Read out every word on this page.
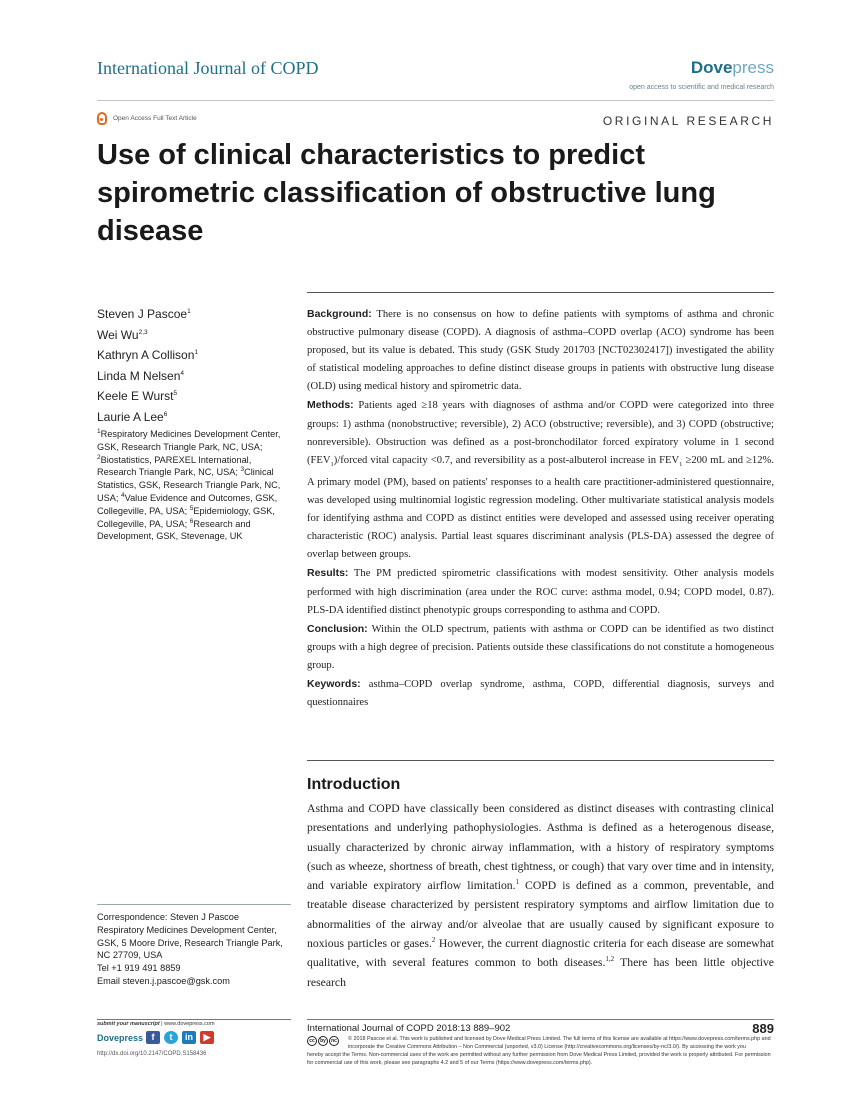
International Journal of COPD	Dovepress
open access to scientific and medical research
Open Access Full Text Article	ORIGINAL RESEARCH
Use of clinical characteristics to predict spirometric classification of obstructive lung disease
Steven J Pascoe$^1$
Wei Wu$^{2,3}$
Kathryn A Collison$^1$
Linda M Nelsen$^4$
Keele E Wurst$^5$
Laurie A Lee$^6$
$^1$Respiratory Medicines Development Center, GSK, Research Triangle Park, NC, USA; $^2$Biostatistics, PAREXEL International, Research Triangle Park, NC, USA; $^3$Clinical Statistics, GSK, Research Triangle Park, NC, USA; $^4$Value Evidence and Outcomes, GSK, Collegeville, PA, USA; $^5$Epidemiology, GSK, Collegeville, PA, USA; $^6$Research and Development, GSK, Stevenage, UK

Background: There is no consensus on how to define patients with symptoms of asthma and chronic obstructive pulmonary disease (COPD). A diagnosis of asthma–COPD overlap (ACO) syndrome has been proposed, but its value is debated. This study (GSK Study 201703 [NCT02302417]) investigated the ability of statistical modeling approaches to define distinct disease groups in patients with obstructive lung disease (OLD) using medical history and spirometric data.

Methods: Patients aged ≥18 years with diagnoses of asthma and/or COPD were categorized into three groups: 1) asthma (nonobstructive; reversible), 2) ACO (obstructive; reversible), and 3) COPD (obstructive; nonreversible). Obstruction was defined as a post-bronchodilator forced expiratory volume in 1 second $(FEV_1)$/forced vital capacity <0.7, and reversibility as a post-albuterol increase in $FEV_1 \ge 200$ mL and ≥12%. A primary model (PM), based on patients' responses to a health care practitioner-administered questionnaire, was developed using multinomial logistic regression modeling. Other multivariate statistical analysis models for identifying asthma and COPD as distinct entities were developed and assessed using receiver operating characteristic (ROC) analysis. Partial least squares discriminant analysis (PLS-DA) assessed the degree of overlap between groups.

Results: The PM predicted spirometric classifications with modest sensitivity. Other analysis models performed with high discrimination (area under the ROC curve: asthma model, 0.94; COPD model, 0.87). PLS-DA identified distinct phenotypic groups corresponding to asthma and COPD.

Conclusion: Within the OLD spectrum, patients with asthma or COPD can be identified as two distinct groups with a high degree of precision. Patients outside these classifications do not constitute a homogeneous group.

Keywords: asthma–COPD overlap syndrome, asthma, COPD, differential diagnosis, surveys and questionnaires

Introduction
Asthma and COPD have classically been considered as distinct diseases with contrasting clinical presentations and underlying pathophysiologies. Asthma is defined as a heterogenous disease, usually characterized by chronic airway inflammation, with a history of respiratory symptoms (such as wheeze, shortness of breath, chest tightness, or cough) that vary over time and in intensity, and variable expiratory airflow limitation.$^1$ COPD is defined as a common, preventable, and treatable disease characterized by persistent respiratory symptoms and airflow limitation due to abnormalities of the airway and/or alveolae that are usually caused by significant exposure to noxious particles or gases.$^2$ However, the current diagnostic criteria for each disease are somewhat qualitative, with several features common to both diseases.$^{1,2}$ There has been little objective research
Correspondence: Steven J Pascoe
Respiratory Medicines Development Center, GSK, 5 Moore Drive, Research Triangle Park, NC 27709, USA
Tel +1 919 491 8859
Email steven.j.pascoe@gsk.com
submit your manuscript | www.dovepress.com
Dovepress f	t	in	▶
http://dx.doi.org/10.2147/COPD.S158436
International Journal of COPD 2018:13 889–902	889
cc	by	nc	© 2018 Pascoe et al. This work is published and licensed by Dove Medical Press Limited. The full terms of this license are available at https://www.dovepress.com/terms.php and incorporate the Creative Commons Attribution – Non Commercial (unported, v3.0) License (http://creativecommons.org/licenses/by-nc/3.0/). By accessing the work you
hereby accept the Terms. Non-commercial uses of the work are permitted without any further permission from Dove Medical Press Limited, provided the work is properly attributed. For permission for commercial use of this work, please see paragraphs 4.2 and 5 of our Terms (https://www.dovepress.com/terms.php).
